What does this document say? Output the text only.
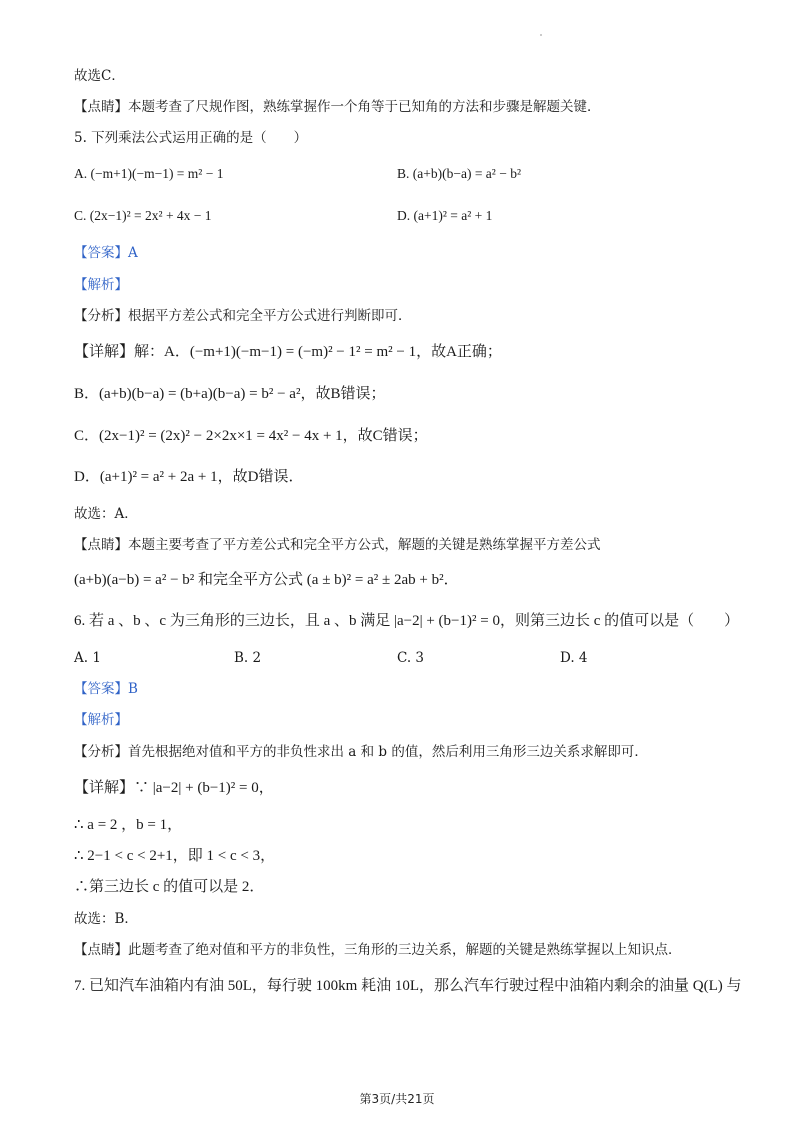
故选C．
【点睛】本题考查了尺规作图，熟练掌握作一个角等于已知角的方法和步骤是解题关键．
5. 下列乘法公式运用正确的是（　　）
A. (−m+1)(−m−1) = m² − 1	B. (a+b)(b−a) = a² − b²
C. (2x−1)² = 2x² + 4x − 1	D. (a+1)² = a² + 1
【答案】A
【解析】
【分析】根据平方差公式和完全平方公式进行判断即可．
【详解】解：A．(−m+1)(−m−1) = (−m)² − 1² = m² − 1，故A正确；
B．(a+b)(b−a) = (b+a)(b−a) = b² − a²，故B错误；
C．(2x−1)² = (2x)² − 2×2x×1 = 4x² − 4x + 1，故C错误；
D．(a+1)² = a² + 2a + 1，故D错误．
故选：A．
【点睛】本题主要考查了平方差公式和完全平方公式，解题的关键是熟练掌握平方差公式
(a+b)(a−b) = a² − b² 和完全平方公式 (a ± b)² = a² ± 2ab + b²．
6. 若 a 、b 、c 为三角形的三边长，且 a 、b 满足 |a−2| + (b−1)² = 0，则第三边长 c 的值可以是（　　）
A. 1	B. 2	C. 3	D. 4
【答案】B
【解析】
【分析】首先根据绝对值和平方的非负性求出 a 和 b 的值，然后利用三角形三边关系求解即可．
【详解】∵ |a−2| + (b−1)² = 0，
∴ a = 2 ，b = 1，
∴ 2−1 < c < 2+1，即 1 < c < 3，
∴第三边长 c 的值可以是 2．
故选：B．
【点睛】此题考查了绝对值和平方的非负性，三角形的三边关系，解题的关键是熟练掌握以上知识点．
7. 已知汽车油箱内有油 50L，每行驶 100km 耗油 10L，那么汽车行驶过程中油箱内剩余的油量 Q(L) 与
第3页/共21页
